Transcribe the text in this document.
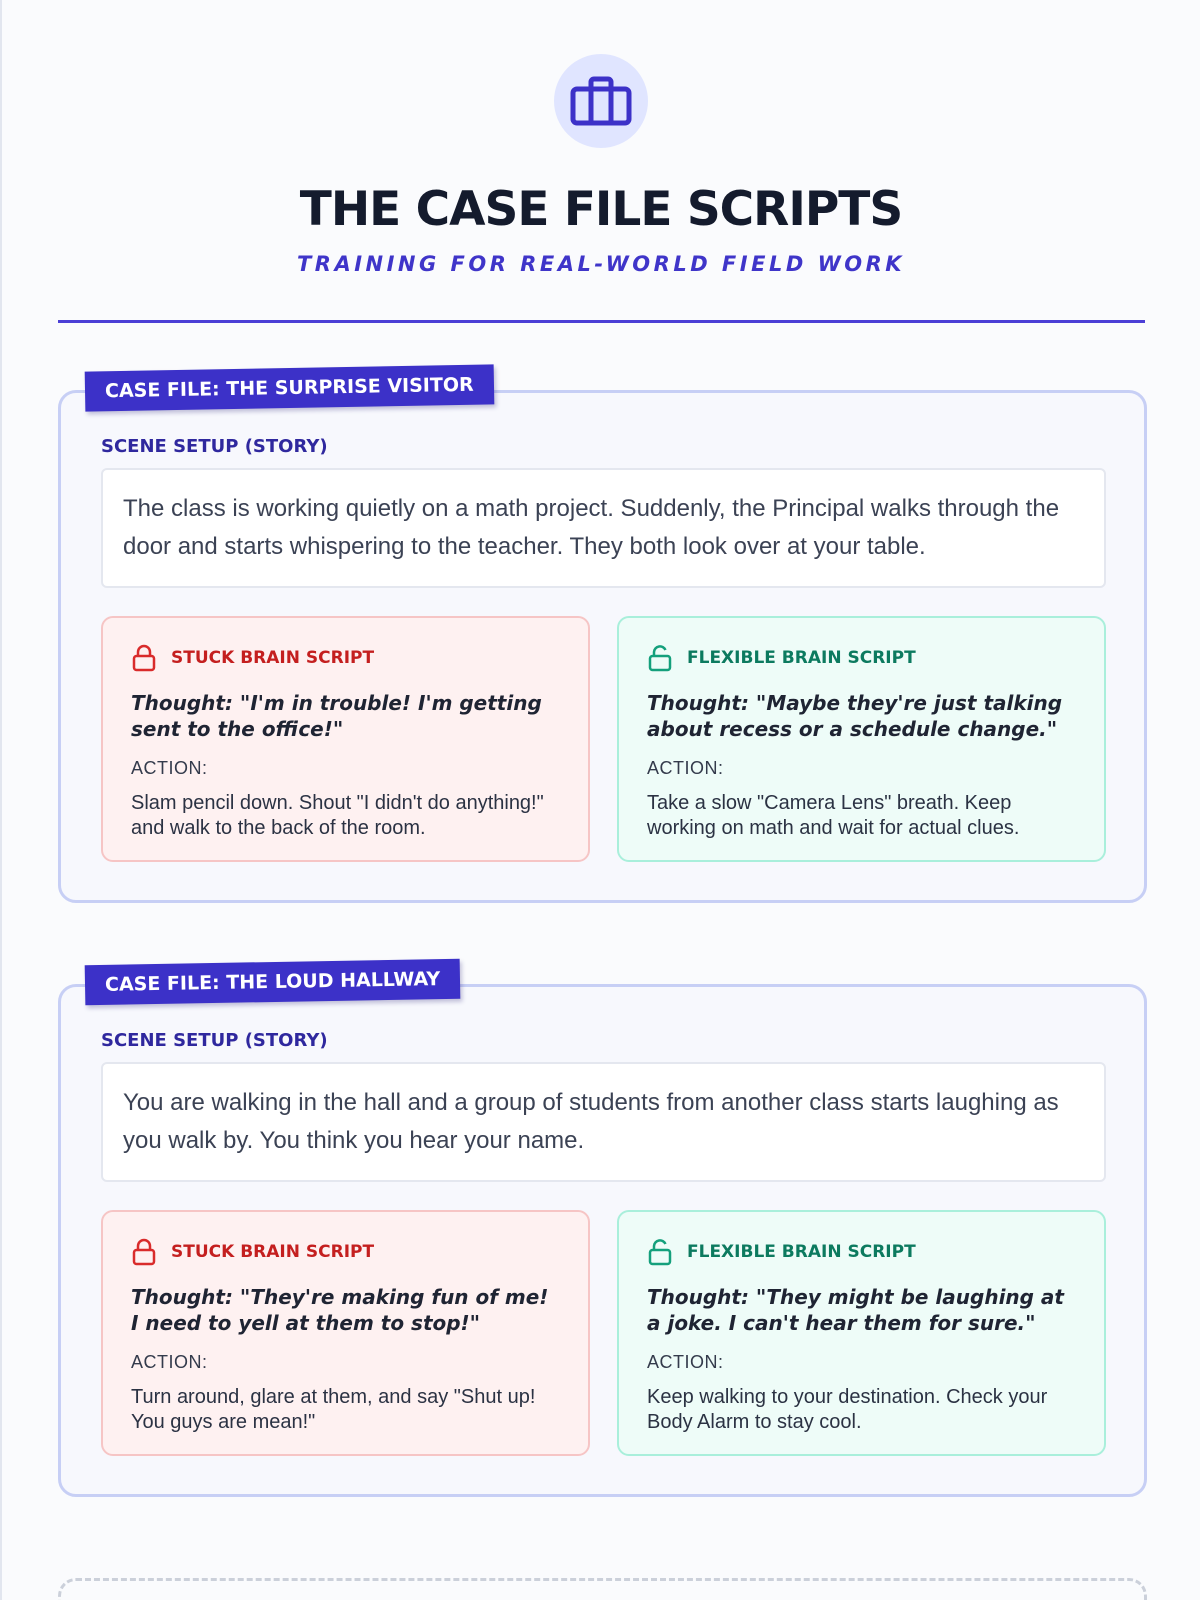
THE CASE FILE SCRIPTS
TRAINING FOR REAL-WORLD FIELD WORK
CASE FILE: THE SURPRISE VISITOR
SCENE SETUP (STORY)
The class is working quietly on a math project. Suddenly, the Principal walks through the door and starts whispering to the teacher. They both look over at your table.
STUCK BRAIN SCRIPT
Thought: "I'm in trouble! I'm getting sent to the office!"
ACTION:
Slam pencil down. Shout "I didn't do anything!" and walk to the back of the room.
FLEXIBLE BRAIN SCRIPT
Thought: "Maybe they're just talking about recess or a schedule change."
ACTION:
Take a slow "Camera Lens" breath. Keep working on math and wait for actual clues.
CASE FILE: THE LOUD HALLWAY
SCENE SETUP (STORY)
You are walking in the hall and a group of students from another class starts laughing as you walk by. You think you hear your name.
STUCK BRAIN SCRIPT
Thought: "They're making fun of me! I need to yell at them to stop!"
ACTION:
Turn around, glare at them, and say "Shut up! You guys are mean!"
FLEXIBLE BRAIN SCRIPT
Thought: "They might be laughing at a joke. I can't hear them for sure."
ACTION:
Keep walking to your destination. Check your Body Alarm to stay cool.
